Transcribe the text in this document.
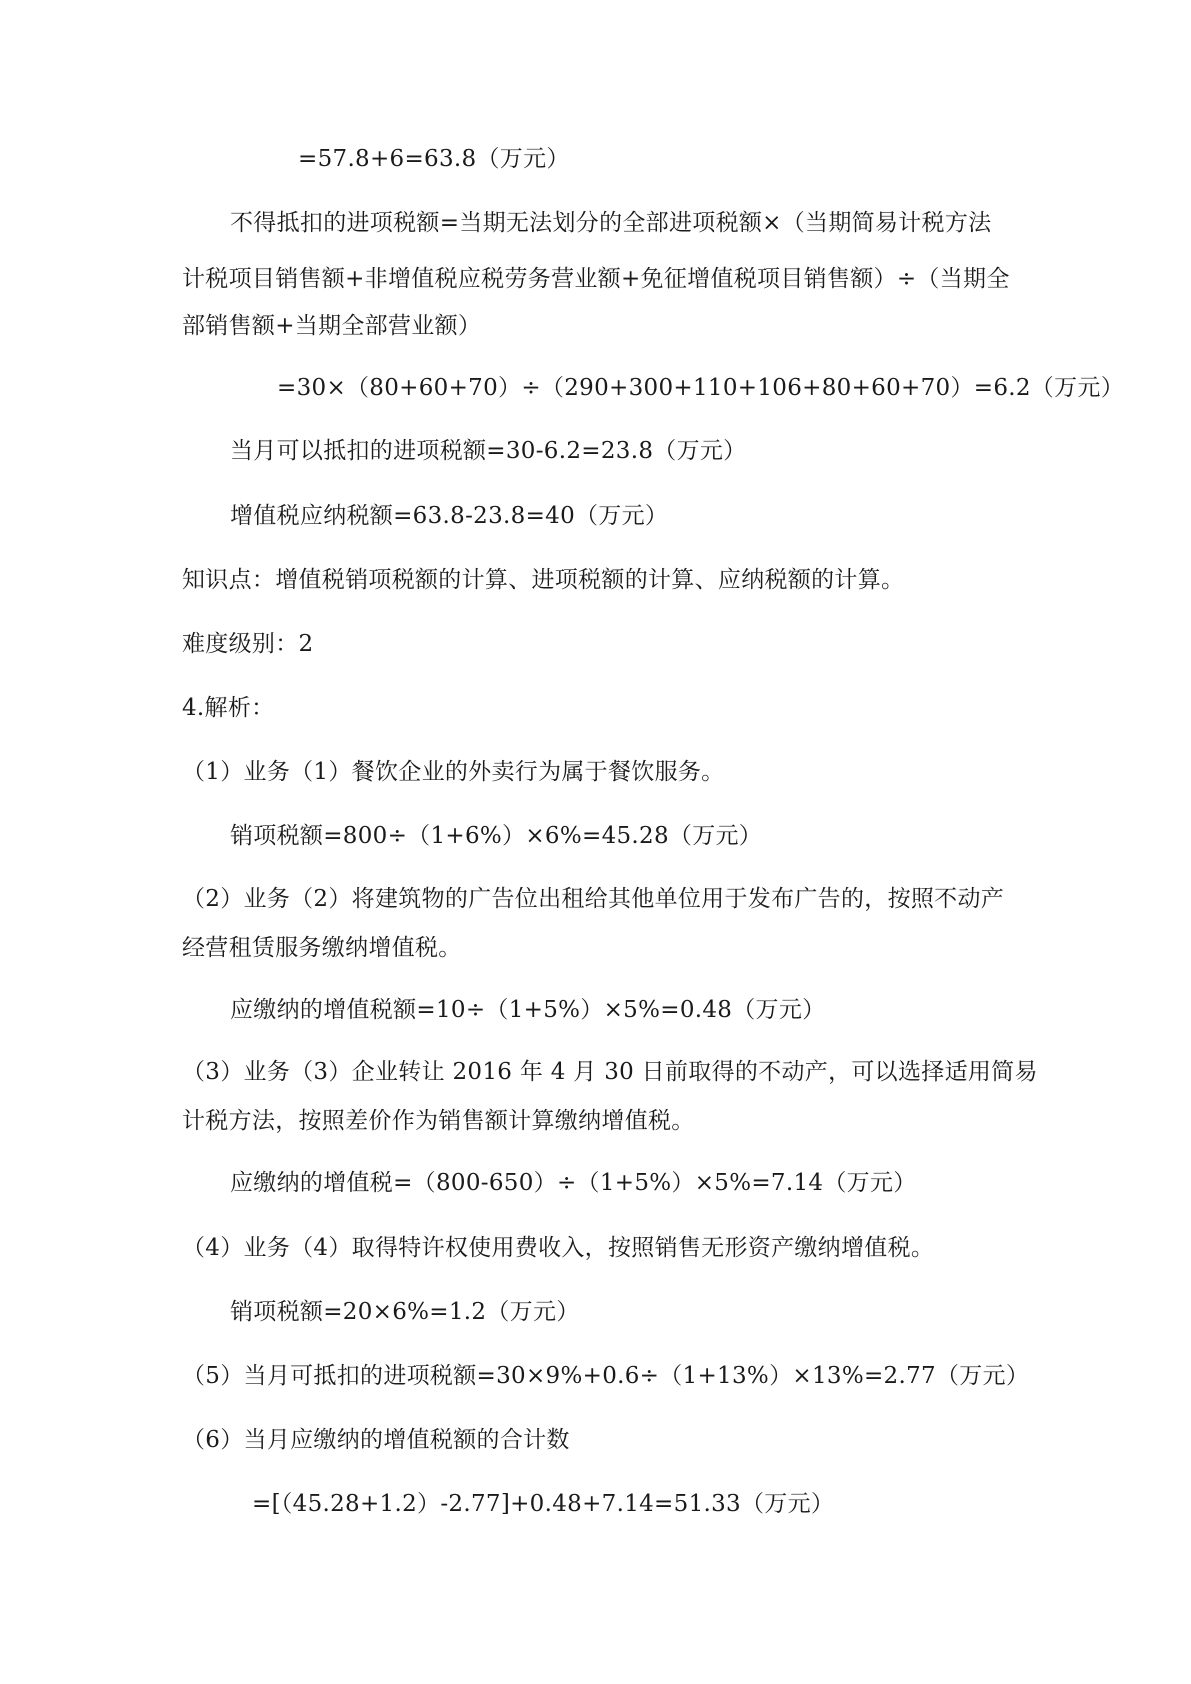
=57.8+6=63.8（万元）
不得抵扣的进项税额=当期无法划分的全部进项税额×（当期简易计税方法
计税项目销售额+非增值税应税劳务营业额+免征增值税项目销售额）÷（当期全
部销售额+当期全部营业额）
=30×（80+60+70）÷（290+300+110+106+80+60+70）=6.2（万元）
当月可以抵扣的进项税额=30-6.2=23.8（万元）
增值税应纳税额=63.8-23.8=40（万元）
知识点：增值税销项税额的计算、进项税额的计算、应纳税额的计算。
难度级别：2
4.解析：
（1）业务（1）餐饮企业的外卖行为属于餐饮服务。
销项税额=800÷（1+6%）×6%=45.28（万元）
（2）业务（2）将建筑物的广告位出租给其他单位用于发布广告的，按照不动产
经营租赁服务缴纳增值税。
应缴纳的增值税额=10÷（1+5%）×5%=0.48（万元）
（3）业务（3）企业转让 2016 年 4 月 30 日前取得的不动产，可以选择适用简易
计税方法，按照差价作为销售额计算缴纳增值税。
应缴纳的增值税=（800-650）÷（1+5%）×5%=7.14（万元）
（4）业务（4）取得特许权使用费收入，按照销售无形资产缴纳增值税。
销项税额=20×6%=1.2（万元）
（5）当月可抵扣的进项税额=30×9%+0.6÷（1+13%）×13%=2.77（万元）
（6）当月应缴纳的增值税额的合计数
=[（45.28+1.2）-2.77]+0.48+7.14=51.33（万元）
